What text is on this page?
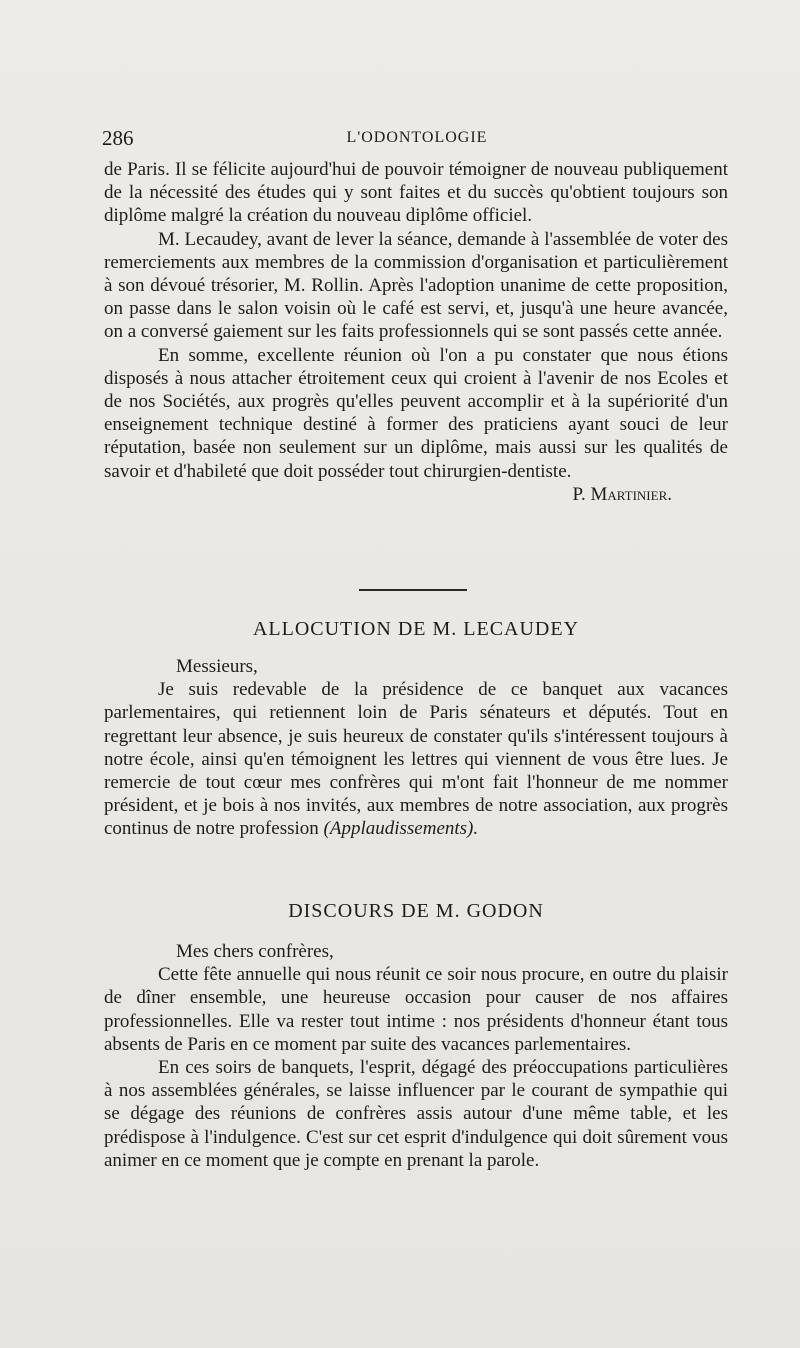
286	L'ODONTOLOGIE

de Paris. Il se félicite aujourd'hui de pouvoir témoigner de nouveau publiquement de la nécessité des études qui y sont faites et du succès qu'obtient toujours son diplôme malgré la création du nouveau diplôme officiel.

M. Lecaudey, avant de lever la séance, demande à l'assemblée de voter des remerciements aux membres de la commission d'organisation et particulièrement à son dévoué trésorier, M. Rollin. Après l'adoption unanime de cette proposition, on passe dans le salon voisin où le café est servi, et, jusqu'à une heure avancée, on a conversé gaiement sur les faits professionnels qui se sont passés cette année.

En somme, excellente réunion où l'on a pu constater que nous étions disposés à nous attacher étroitement ceux qui croient à l'avenir de nos Ecoles et de nos Sociétés, aux progrès qu'elles peuvent accomplir et à la supériorité d'un enseignement technique destiné à former des praticiens ayant souci de leur réputation, basée non seulement sur un diplôme, mais aussi sur les qualités de savoir et d'habileté que doit posséder tout chirurgien-dentiste.

P. Martinier.

ALLOCUTION DE M. LECAUDEY

Messieurs,

Je suis redevable de la présidence de ce banquet aux vacances parlementaires, qui retiennent loin de Paris sénateurs et députés. Tout en regrettant leur absence, je suis heureux de constater qu'ils s'intéressent toujours à notre école, ainsi qu'en témoignent les lettres qui viennent de vous être lues. Je remercie de tout cœur mes confrères qui m'ont fait l'honneur de me nommer président, et je bois à nos invités, aux membres de notre association, aux progrès continus de notre profession (Applaudissements).

DISCOURS DE M. GODON

Mes chers confrères,

Cette fête annuelle qui nous réunit ce soir nous procure, en outre du plaisir de dîner ensemble, une heureuse occasion pour causer de nos affaires professionnelles. Elle va rester tout intime : nos présidents d'honneur étant tous absents de Paris en ce moment par suite des vacances parlementaires.

En ces soirs de banquets, l'esprit, dégagé des préoccupations particulières à nos assemblées générales, se laisse influencer par le courant de sympathie qui se dégage des réunions de confrères assis autour d'une même table, et les prédispose à l'indulgence. C'est sur cet esprit d'indulgence qui doit sûrement vous animer en ce moment que je compte en prenant la parole.
